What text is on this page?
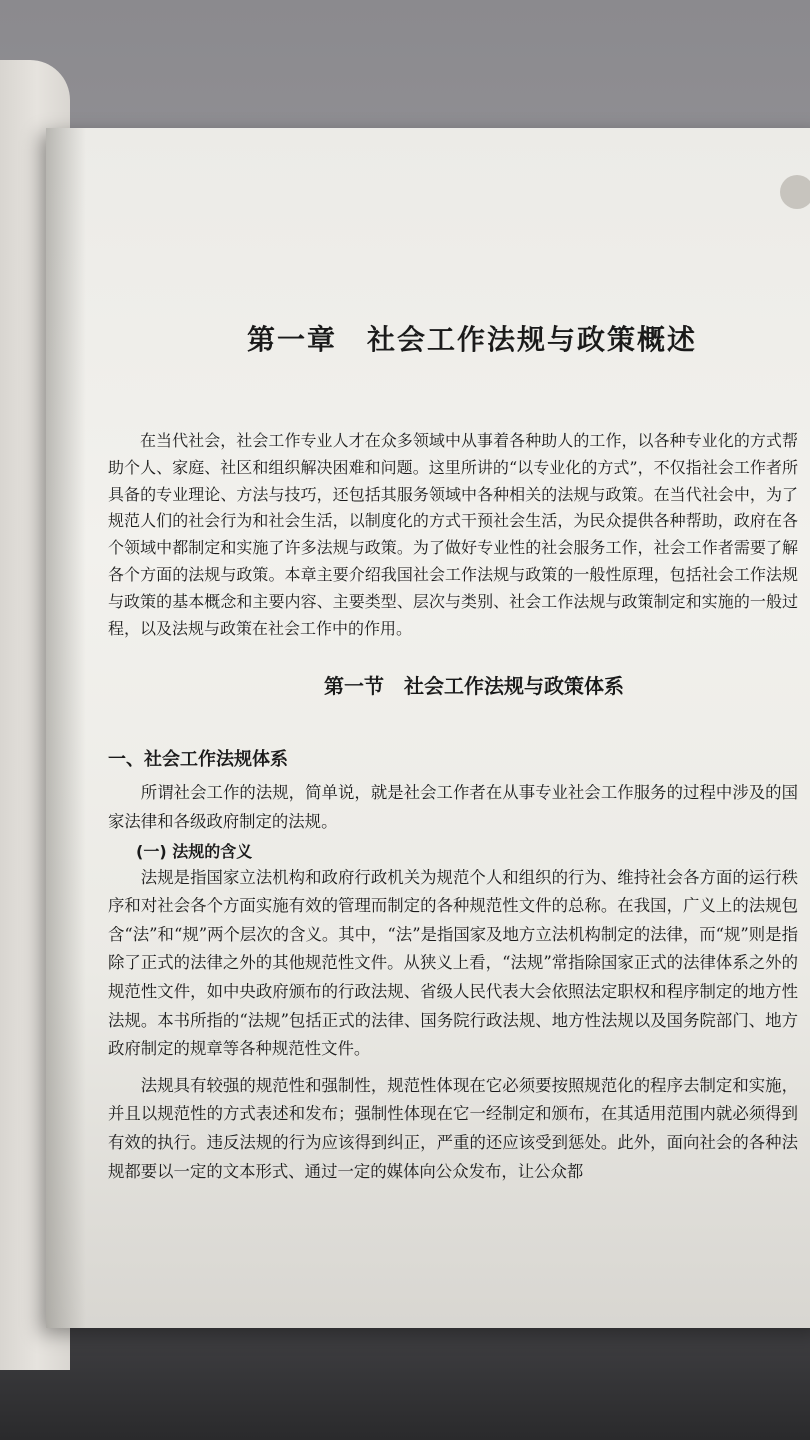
第一章　社会工作法规与政策概述

在当代社会，社会工作专业人才在众多领域中从事着各种助人的工作，以各种专业化的方式帮助个人、家庭、社区和组织解决困难和问题。这里所讲的“以专业化的方式”，不仅指社会工作者所具备的专业理论、方法与技巧，还包括其服务领域中各种相关的法规与政策。在当代社会中，为了规范人们的社会行为和社会生活，以制度化的方式干预社会生活，为民众提供各种帮助，政府在各个领域中都制定和实施了许多法规与政策。为了做好专业性的社会服务工作，社会工作者需要了解各个方面的法规与政策。本章主要介绍我国社会工作法规与政策的一般性原理，包括社会工作法规与政策的基本概念和主要内容、主要类型、层次与类别、社会工作法规与政策制定和实施的一般过程，以及法规与政策在社会工作中的作用。

第一节　社会工作法规与政策体系
一、社会工作法规体系

所谓社会工作的法规，简单说，就是社会工作者在从事专业社会工作服务的过程中涉及的国家法律和各级政府制定的法规。

(一) 法规的含义

法规是指国家立法机构和政府行政机关为规范个人和组织的行为、维持社会各方面的运行秩序和对社会各个方面实施有效的管理而制定的各种规范性文件的总称。在我国，广义上的法规包含“法”和“规”两个层次的含义。其中，“法”是指国家及地方立法机构制定的法律，而“规”则是指除了正式的法律之外的其他规范性文件。从狭义上看，“法规”常指除国家正式的法律体系之外的规范性文件，如中央政府颁布的行政法规、省级人民代表大会依照法定职权和程序制定的地方性法规。本书所指的“法规”包括正式的法律、国务院行政法规、地方性法规以及国务院部门、地方政府制定的规章等各种规范性文件。

法规具有较强的规范性和强制性，规范性体现在它必须要按照规范化的程序去制定和实施，并且以规范性的方式表述和发布；强制性体现在它一经制定和颁布，在其适用范围内就必须得到有效的执行。违反法规的行为应该得到纠正，严重的还应该受到惩处。此外，面向社会的各种法规都要以一定的文本形式、通过一定的媒体向公众发布，让公众都
